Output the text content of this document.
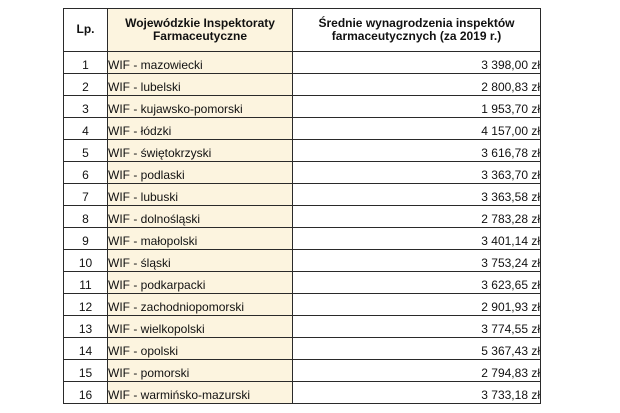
Lp.	Wojewódzkie Inspektoraty Farmaceutyczne	Średnie wynagrodzenia inspektów farmaceutycznych (za 2019 r.)
1	WIF - mazowiecki	3 398,00 zł
2	WIF - lubelski	2 800,83 zł
3	WIF - kujawsko-pomorski	1 953,70 zł
4	WIF - łódzki	4 157,00 zł
5	WIF - świętokrzyski	3 616,78 zł
6	WIF - podlaski	3 363,70 zł
7	WIF - lubuski	3 363,58 zł
8	WIF - dolnośląski	2 783,28 zł
9	WIF - małopolski	3 401,14 zł
10	WIF - śląski	3 753,24 zł
11	WIF - podkarpacki	3 623,65 zł
12	WIF - zachodniopomorski	2 901,93 zł
13	WIF - wielkopolski	3 774,55 zł
14	WIF - opolski	5 367,43 zł
15	WIF - pomorski	2 794,83 zł
16	WIF - warmińsko-mazurski	3 733,18 zł
